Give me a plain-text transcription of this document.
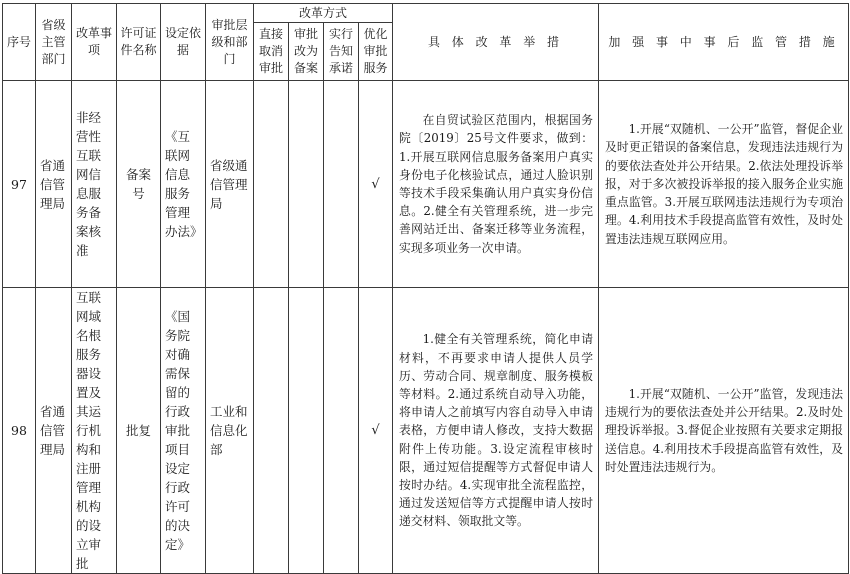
序号	省级主管部门	改革事项	许可证件名称	设定依据	审批层级和部门	改革方式				具 体 改 革 举 措	加 强 事 中 事 后 监 管 措 施
						直接取消审批	审批改为备案	实行告知承诺	优化审批服务		
97	省通信管理局	非经营性互联网信息服务备案核准	备案号	《互联网信息服务管理办法》	省级通信管理局				√	在自贸试验区范围内，根据国务院〔2019〕25号文件要求，做到：1.开展互联网信息服务备案用户真实身份电子化核验试点，通过人脸识别等技术手段采集确认用户真实身份信息。2.健全有关管理系统，进一步完善网站迁出、备案迁移等业务流程，实现多项业务一次申请。	1.开展“双随机、一公开”监管，督促企业及时更正错误的备案信息，发现违法违规行为的要依法查处并公开结果。2.依法处理投诉举报，对于多次被投诉举报的接入服务企业实施重点监管。3.开展互联网违法违规行为专项治理。4.利用技术手段提高监管有效性，及时处置违法违规互联网应用。
98	省通信管理局	互联网域名根服务器设置及其运行机构和注册管理机构的设立审批	批复	《国务院对确需保留的行政审批项目设定行政许可的决定》	工业和信息化部				√	1.健全有关管理系统，简化申请材料，不再要求申请人提供人员学历、劳动合同、规章制度、服务模板等材料。2.通过系统自动导入功能，将申请人之前填写内容自动导入申请表格，方便申请人修改，支持大数据附件上传功能。3.设定流程审核时限，通过短信提醒等方式督促申请人按时办结。4.实现审批全流程监控，通过发送短信等方式提醒申请人按时递交材料、领取批文等。	1.开展“双随机、一公开”监管，发现违法违规行为的要依法查处并公开结果。2.及时处理投诉举报。3.督促企业按照有关要求定期报送信息。4.利用技术手段提高监管有效性，及时处置违法违规行为。
